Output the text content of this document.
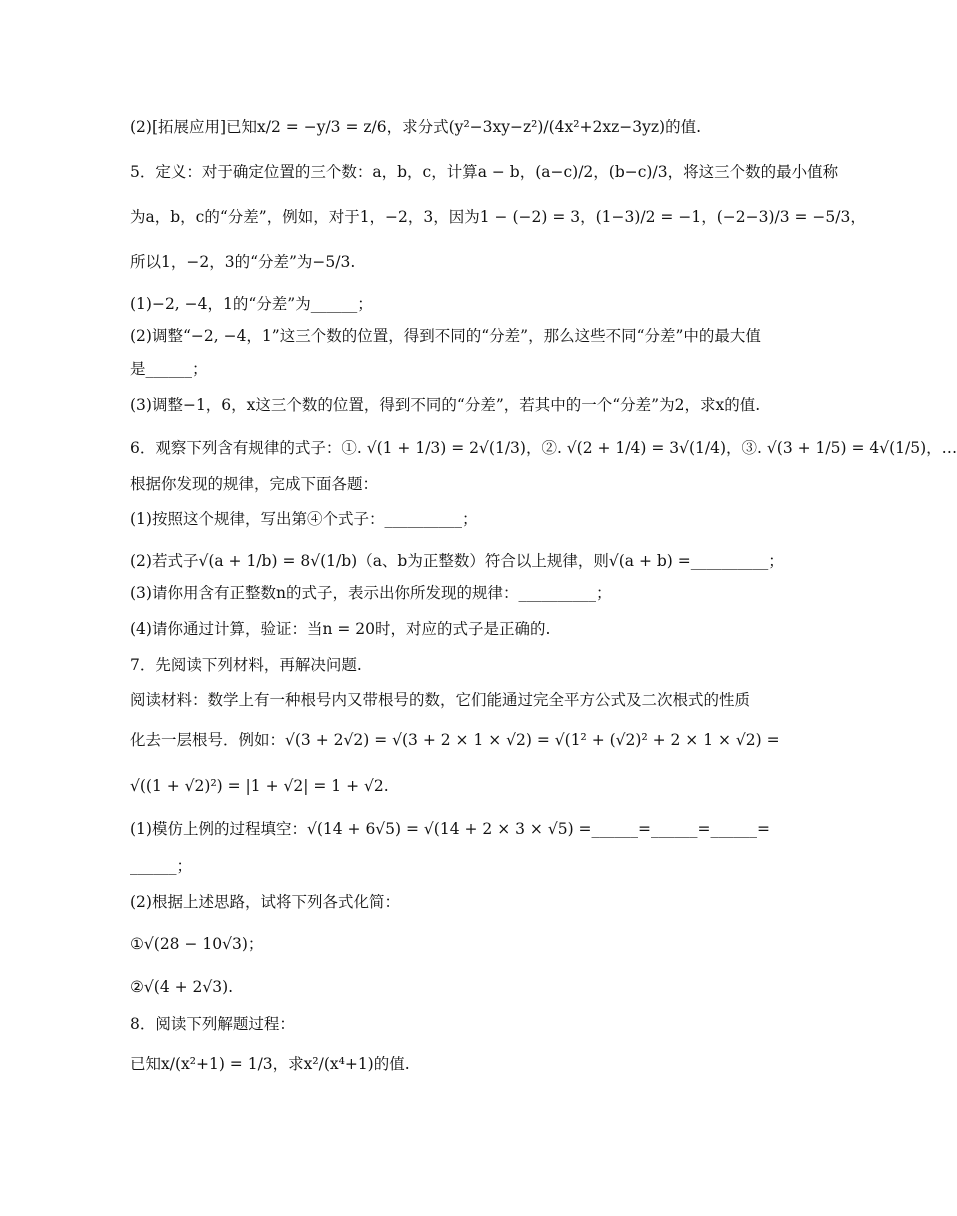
(2)[拓展应用]已知x/2 = −y/3 = z/6，求分式(y²−3xy−z²)/(4x²+2xz−3yz)的值.
5．定义：对于确定位置的三个数：a，b，c，计算a − b，(a−c)/2，(b−c)/3，将这三个数的最小值称
为a，b，c的“分差”，例如，对于1，−2，3，因为1 − (−2) = 3，(1−3)/2 = −1，(−2−3)/3 = −5/3，
所以1，−2，3的“分差”为−5/3.
(1)−2, −4，1的“分差”为______；
(2)调整“−2, −4，1”这三个数的位置，得到不同的“分差”，那么这些不同“分差”中的最大值
是______；
(3)调整−1，6，x这三个数的位置，得到不同的“分差”，若其中的一个“分差”为2，求x的值.
6．观察下列含有规律的式子：①. √(1 + 1/3) = 2√(1/3)，②. √(2 + 1/4) = 3√(1/4)，③. √(3 + 1/5) = 4√(1/5)，…
根据你发现的规律，完成下面各题：
(1)按照这个规律，写出第④个式子：__________；
(2)若式子√(a + 1/b) = 8√(1/b)（a、b为正整数）符合以上规律，则√(a + b) =__________；
(3)请你用含有正整数n的式子，表示出你所发现的规律：__________；
(4)请你通过计算，验证：当n = 20时，对应的式子是正确的.
7．先阅读下列材料，再解决问题.
阅读材料：数学上有一种根号内又带根号的数，它们能通过完全平方公式及二次根式的性质
化去一层根号．例如：√(3 + 2√2) = √(3 + 2 × 1 × √2) = √(1² + (√2)² + 2 × 1 × √2) =
√((1 + √2)²) = |1 + √2| = 1 + √2.
(1)模仿上例的过程填空：√(14 + 6√5) = √(14 + 2 × 3 × √5) =______=______=______=
______；
(2)根据上述思路，试将下列各式化简：
①√(28 − 10√3)；
②√(4 + 2√3).
8．阅读下列解题过程：
已知x/(x²+1) = 1/3，求x²/(x⁴+1)的值.
